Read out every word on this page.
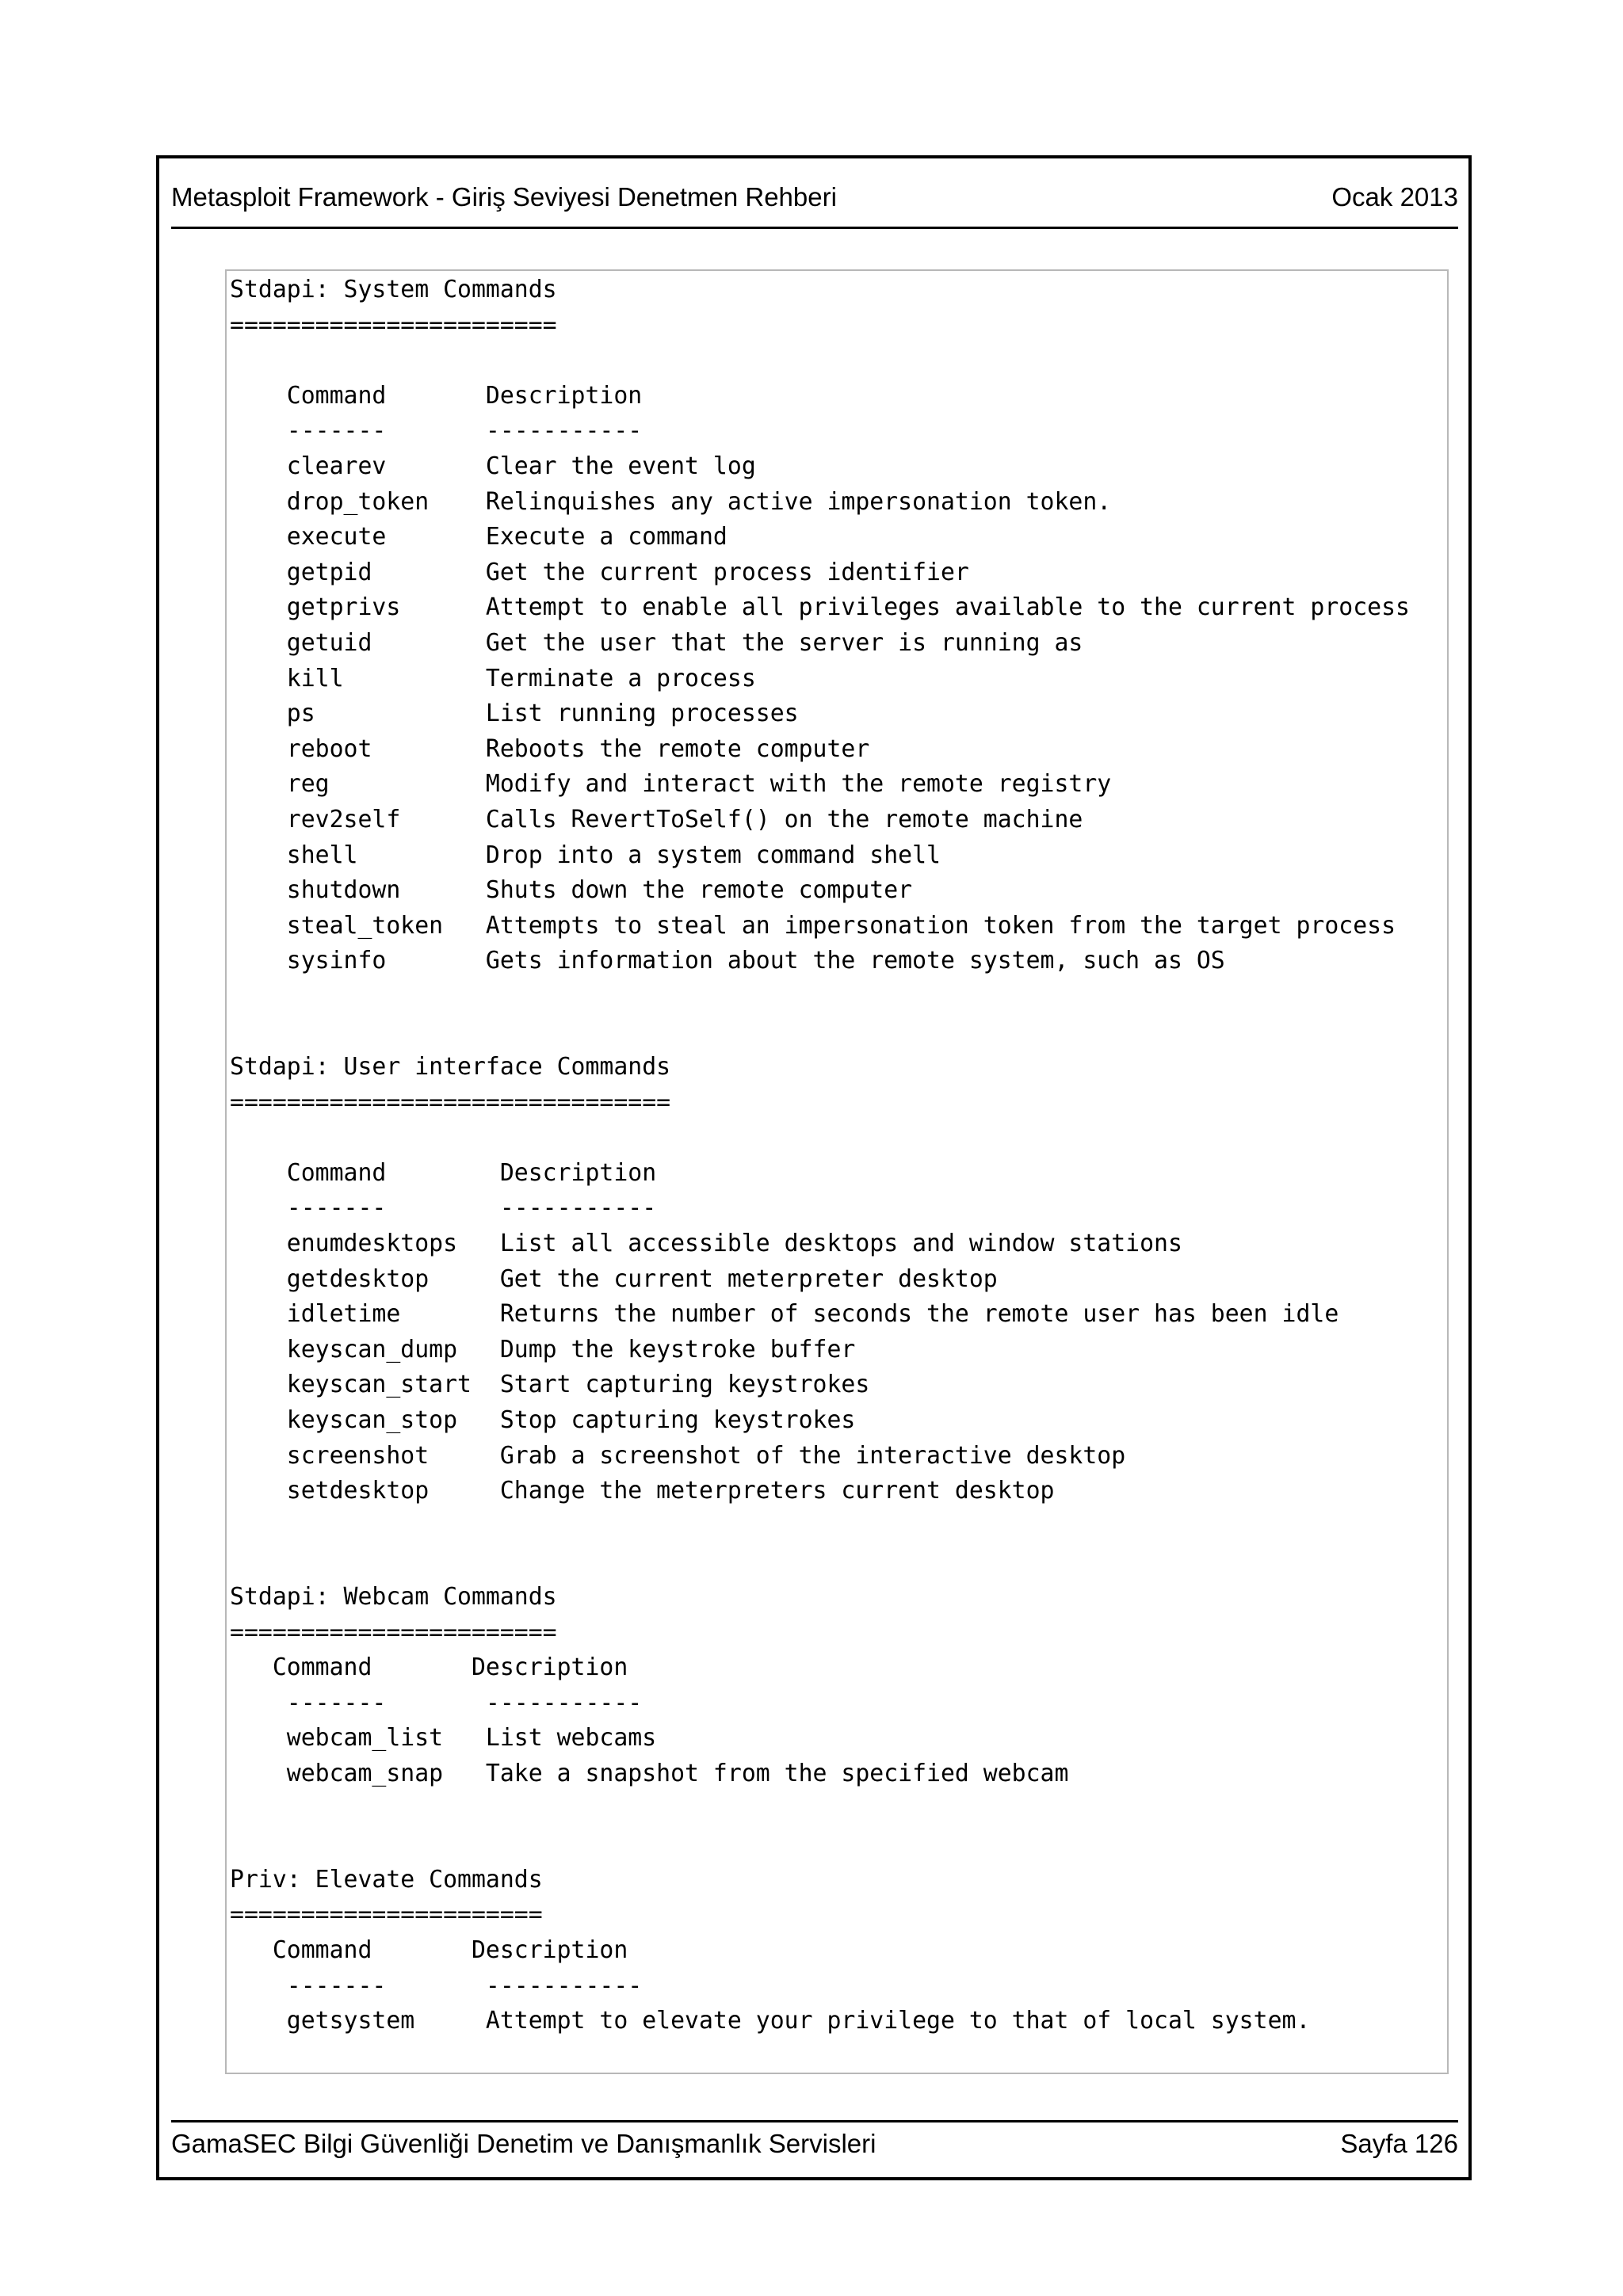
Metasploit Framework - Giriş Seviyesi Denetmen Rehberi	Ocak 2013
Stdapi: System Commands
=======================
Command       Description
-------       -----------
clearev	Clear the event log
drop_token Relinquishes any active impersonation token.
execute	Execute a command
getpid	Get the current process identifier
getprivs	Attempt to enable all privileges available to the current process
getuid	Get the user that the server is running as
kill	Terminate a process
ps	List running processes
reboot	Reboots the remote computer
reg	Modify and interact with the remote registry
rev2self	Calls RevertToSelf() on the remote machine
shell	Drop into a system command shell
shutdown	Shuts down the remote computer
steal_token Attempts to steal an impersonation token from the target process
sysinfo	Gets information about the remote system, such as OS
Stdapi: User interface Commands
===============================
Command        Description
-------        -----------
enumdesktops List all accessible desktops and window stations
getdesktop	Get the current meterpreter desktop
idletime	Returns the number of seconds the remote user has been idle
keyscan_dump Dump the keystroke buffer
keyscan_start Start capturing keystrokes
keyscan_stop Stop capturing keystrokes
screenshot	Grab a screenshot of the interactive desktop
setdesktop	Change the meterpreters current desktop
Stdapi: Webcam Commands
=======================
Command       Description
-------       -----------
webcam_list List webcams
webcam_snap Take a snapshot from the specified webcam
Priv: Elevate Commands
======================
Command       Description
-------       -----------
getsystem	Attempt to elevate your privilege to that of local system.
GamaSEC Bilgi Güvenliği Denetim ve Danışmanlık Servisleri	Sayfa 126
